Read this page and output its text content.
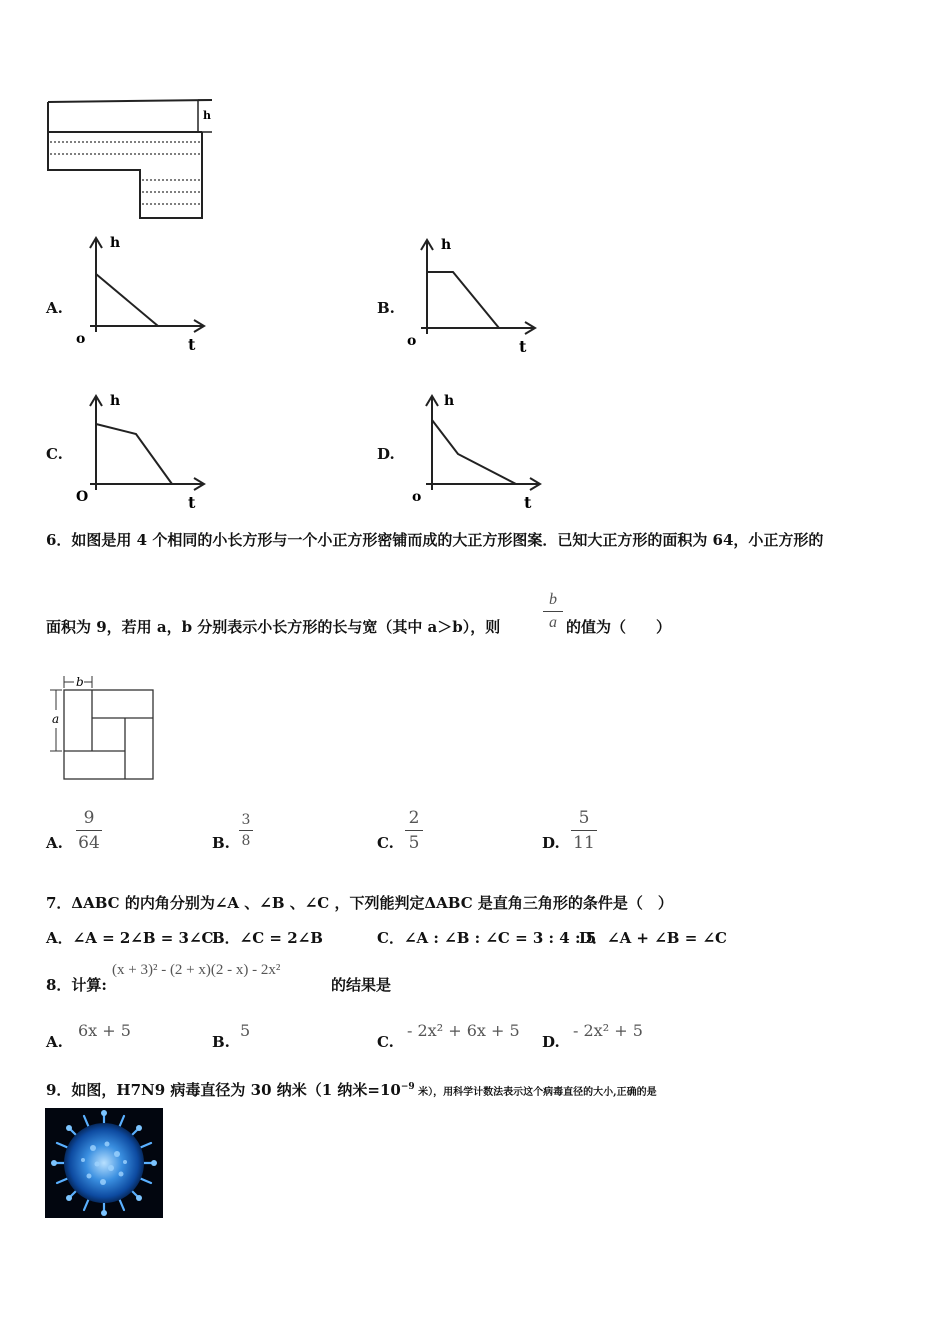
h
A.
h
o	t
B.
h
o	t
C.
h
O	t
D.
h
o	t
6．如图是用 4 个相同的小长方形与一个小正方形密铺而成的大正方形图案．已知大正方形的面积为 64，小正方形的
面积为 9，若用 a，b 分别表示小长方形的长与宽（其中 a＞b），则
b
a 的值为（　　）
b
a
A.
9
64	B.
3
8	C.
2
5	D.
5
11
7．ΔABC 的内角分别为∠A 、∠B 、∠C ，下列能判定ΔABC 是直角三角形的条件是（　）
A．∠A = 2∠B = 3∠C
B．∠C = 2∠B	C．∠A : ∠B : ∠C = 3 : 4 : 5
D．∠A + ∠B = ∠C
8．计算:
(x + 3)² - (2 + x)(2 - x) - 2x²
的结果是
A.
6x + 5
B.
5
C.
- 2x² + 6x + 5
D.
- 2x² + 5
9．如图，H7N9 病毒直径为 30 纳米（1 纳米$=10^{-9}$ 米），用科学计数法表示这个病毒直径的大小,正确的是
